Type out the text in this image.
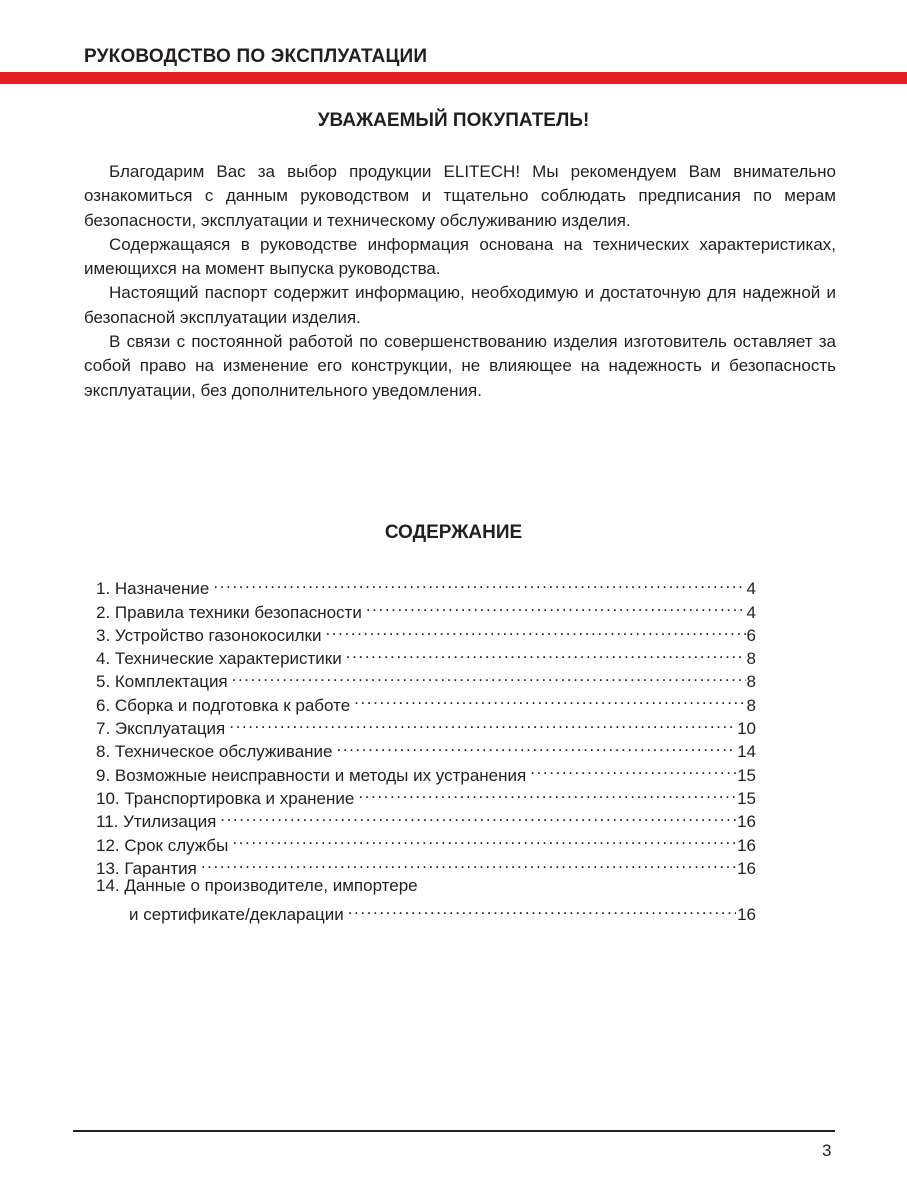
РУКОВОДСТВО ПО ЭКСПЛУАТАЦИИ
УВАЖАЕМЫЙ ПОКУПАТЕЛЬ!

Благодарим Вас за выбор продукции ELITECH! Мы рекомендуем Вам внимательно ознакомиться с данным руководством и тщательно соблюдать предписания по мерам безопасности, эксплуатации и техническому обслуживанию изделия.

Содержащаяся в руководстве информация основана на технических характеристиках, имеющихся на момент выпуска руководства.

Настоящий паспорт содержит информацию, необходимую и достаточную для надежной и безопасной эксплуатации изделия.

В связи с постоянной работой по совершенствованию изделия изготовитель оставляет за собой право на изменение его конструкции, не влияющее на надежность и безопасность эксплуатации, без дополнительного уведомления.

СОДЕРЖАНИЕ
1. Назначение .....	4
2. Правила техники безопасности .....	4
3. Устройство газонокосилки .....	6
4. Технические характеристики .....	8
5. Комплектация .....	8
6. Сборка и подготовка к работе .....	8
7. Эксплуатация .....	10
8. Техническое обслуживание .....	14
9. Возможные неисправности и методы их устранения .....	15
10. Транспортировка и хранение .....	15
11. Утилизация .....	16
12. Срок службы .....	16
13. Гарантия .....	16
14. Данные о производителе, импортере
и сертификате/декларации .....	16
3
